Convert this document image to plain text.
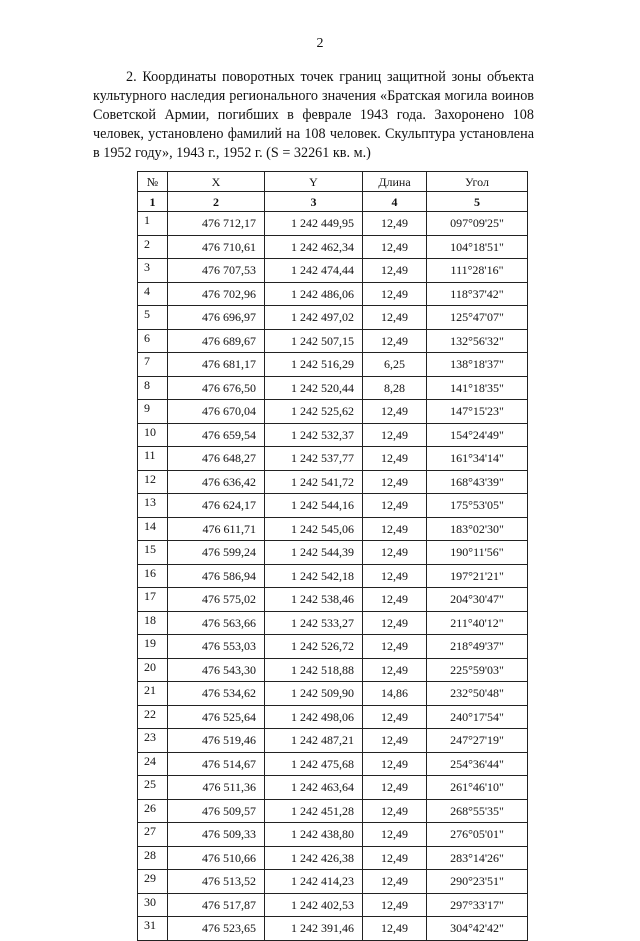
2

2. Координаты поворотных точек границ защитной зоны объекта культурного наследия регионального значения «Братская могила воинов Советской Армии, погибших в феврале 1943 года. Захоронено 108 человек, установлено фамилий на 108 человек. Скульптура установлена в 1952 году», 1943 г., 1952 г. (S = 32261 кв. м.)

№	X	Y	Длина	Угол
1	2	3	4	5
1	476 712,17	1 242 449,95	12,49	097°09'25"
2	476 710,61	1 242 462,34	12,49	104°18'51"
3	476 707,53	1 242 474,44	12,49	111°28'16"
4	476 702,96	1 242 486,06	12,49	118°37'42"
5	476 696,97	1 242 497,02	12,49	125°47'07"
6	476 689,67	1 242 507,15	12,49	132°56'32"
7	476 681,17	1 242 516,29	6,25	138°18'37"
8	476 676,50	1 242 520,44	8,28	141°18'35"
9	476 670,04	1 242 525,62	12,49	147°15'23"
10	476 659,54	1 242 532,37	12,49	154°24'49"
11	476 648,27	1 242 537,77	12,49	161°34'14"
12	476 636,42	1 242 541,72	12,49	168°43'39"
13	476 624,17	1 242 544,16	12,49	175°53'05"
14	476 611,71	1 242 545,06	12,49	183°02'30"
15	476 599,24	1 242 544,39	12,49	190°11'56"
16	476 586,94	1 242 542,18	12,49	197°21'21"
17	476 575,02	1 242 538,46	12,49	204°30'47"
18	476 563,66	1 242 533,27	12,49	211°40'12"
19	476 553,03	1 242 526,72	12,49	218°49'37"
20	476 543,30	1 242 518,88	12,49	225°59'03"
21	476 534,62	1 242 509,90	14,86	232°50'48"
22	476 525,64	1 242 498,06	12,49	240°17'54"
23	476 519,46	1 242 487,21	12,49	247°27'19"
24	476 514,67	1 242 475,68	12,49	254°36'44"
25	476 511,36	1 242 463,64	12,49	261°46'10"
26	476 509,57	1 242 451,28	12,49	268°55'35"
27	476 509,33	1 242 438,80	12,49	276°05'01"
28	476 510,66	1 242 426,38	12,49	283°14'26"
29	476 513,52	1 242 414,23	12,49	290°23'51"
30	476 517,87	1 242 402,53	12,49	297°33'17"
31	476 523,65	1 242 391,46	12,49	304°42'42"
